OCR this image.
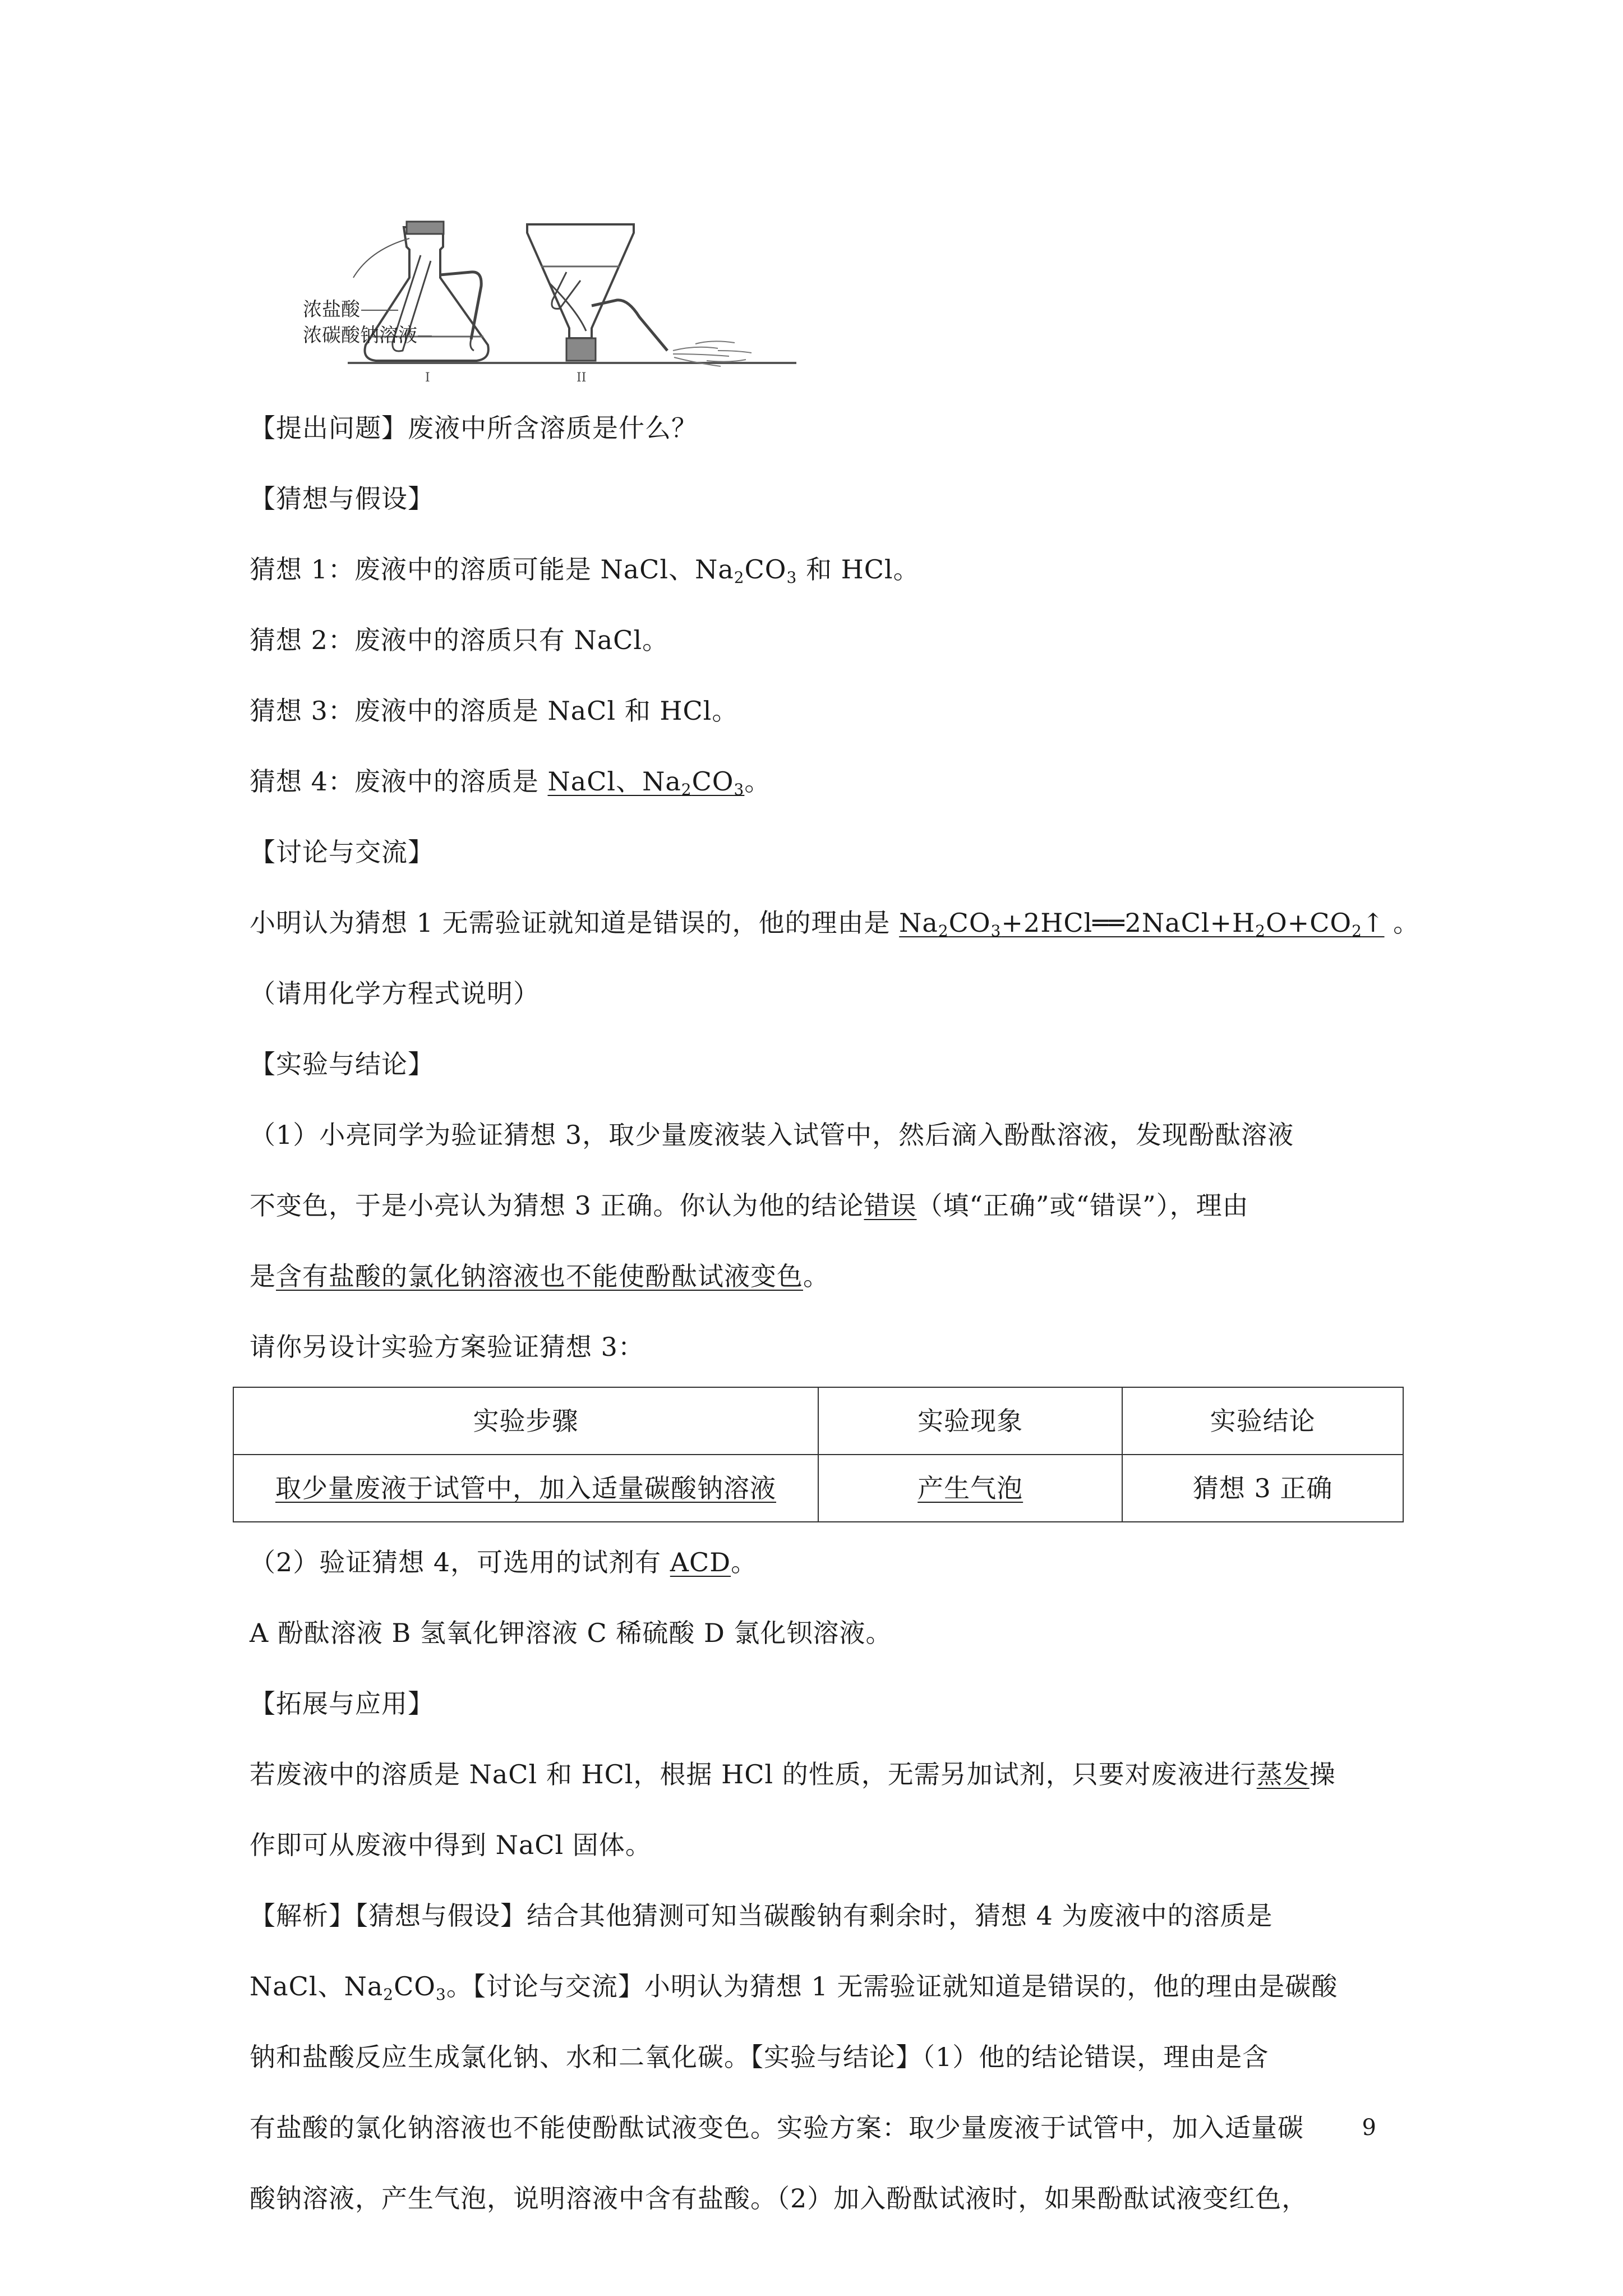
浓盐酸
浓碳酸钠溶液
I	II

【提出问题】废液中所含溶质是什么？

【猜想与假设】

猜想 1：废液中的溶质可能是 NaCl、$Na_2CO_3$ 和 HCl。

猜想 2：废液中的溶质只有 NaCl。

猜想 3：废液中的溶质是 NaCl 和 HCl。

猜想 4：废液中的溶质是 NaCl、$Na_2CO_3$。

【讨论与交流】

小明认为猜想 1 无需验证就知道是错误的，他的理由是 $Na_2CO_3+2HCl══2NaCl+H_2O+CO_2↑$ 。

（请用化学方程式说明）

【实验与结论】

（1）小亮同学为验证猜想 3，取少量废液装入试管中，然后滴入酚酞溶液，发现酚酞溶液

不变色，于是小亮认为猜想 3 正确。你认为他的结论错误（填“正确”或“错误”），理由

是含有盐酸的氯化钠溶液也不能使酚酞试液变色。

请你另设计实验方案验证猜想 3：

实验步骤	实验现象	实验结论
取少量废液于试管中，加入适量碳酸钠溶液	产生气泡	猜想 3 正确

（2）验证猜想 4，可选用的试剂有 ACD。

A 酚酞溶液 B 氢氧化钾溶液 C 稀硫酸 D 氯化钡溶液。

【拓展与应用】

若废液中的溶质是 NaCl 和 HCl，根据 HCl 的性质，无需另加试剂，只要对废液进行蒸发操

作即可从废液中得到 NaCl 固体。

【解析】【猜想与假设】结合其他猜测可知当碳酸钠有剩余时，猜想 4 为废液中的溶质是

NaCl、$Na_2CO_3$。【讨论与交流】小明认为猜想 1 无需验证就知道是错误的，他的理由是碳酸

钠和盐酸反应生成氯化钠、水和二氧化碳。【实验与结论】（1）他的结论错误，理由是含

有盐酸的氯化钠溶液也不能使酚酞试液变色。实验方案：取少量废液于试管中，加入适量碳

酸钠溶液，产生气泡，说明溶液中含有盐酸。（2）加入酚酞试液时，如果酚酞试液变红色，

9
